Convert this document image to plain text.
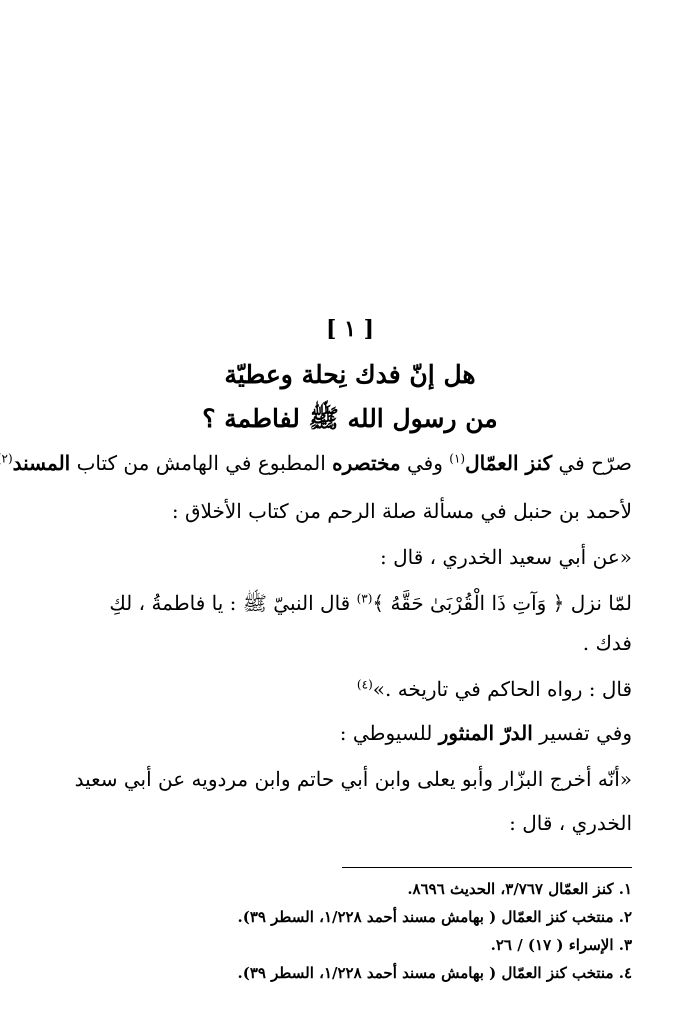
[ ١ ]
هل إنّ فدك نِحلة وعطيّة
من رسول الله ﷺ لفاطمة ؟
صرّح في كنز العمّال$^{(١)}$ وفي مختصره المطبوع في الهامش من كتاب المسند$^{(٢}$
لأحمد بن حنبل في مسألة صلة الرحم من كتاب الأخلاق :
«عن أبي سعيد الخدري ، قال :
لمّا نزل ﴿ وَآتِ ذَا الْقُرْبَىٰ حَقَّهُ ﴾$^{(٣)}$ قال النبيّ ﷺ : يا فاطمةُ ، لكِ
فدك .
قال : رواه الحاكم في تاريخه .»$^{(٤)}$
وفي تفسير الدرّ المنثور للسيوطي :
«أنّه أخرج البزّار وأبو يعلى وابن أبي حاتم وابن مردويه عن أبي سعيد
الخدري ، قال :
١. كنز العمّال ٣/٧٦٧، الحديث ٨٦٩٦.
٢. منتخب كنز العمّال ( بهامش مسند أحمد ١/٢٢٨، السطر ٣٩).
٣. الإسراء ( ١٧) / ٢٦.
٤. منتخب كنز العمّال ( بهامش مسند أحمد ١/٢٢٨، السطر ٣٩).
